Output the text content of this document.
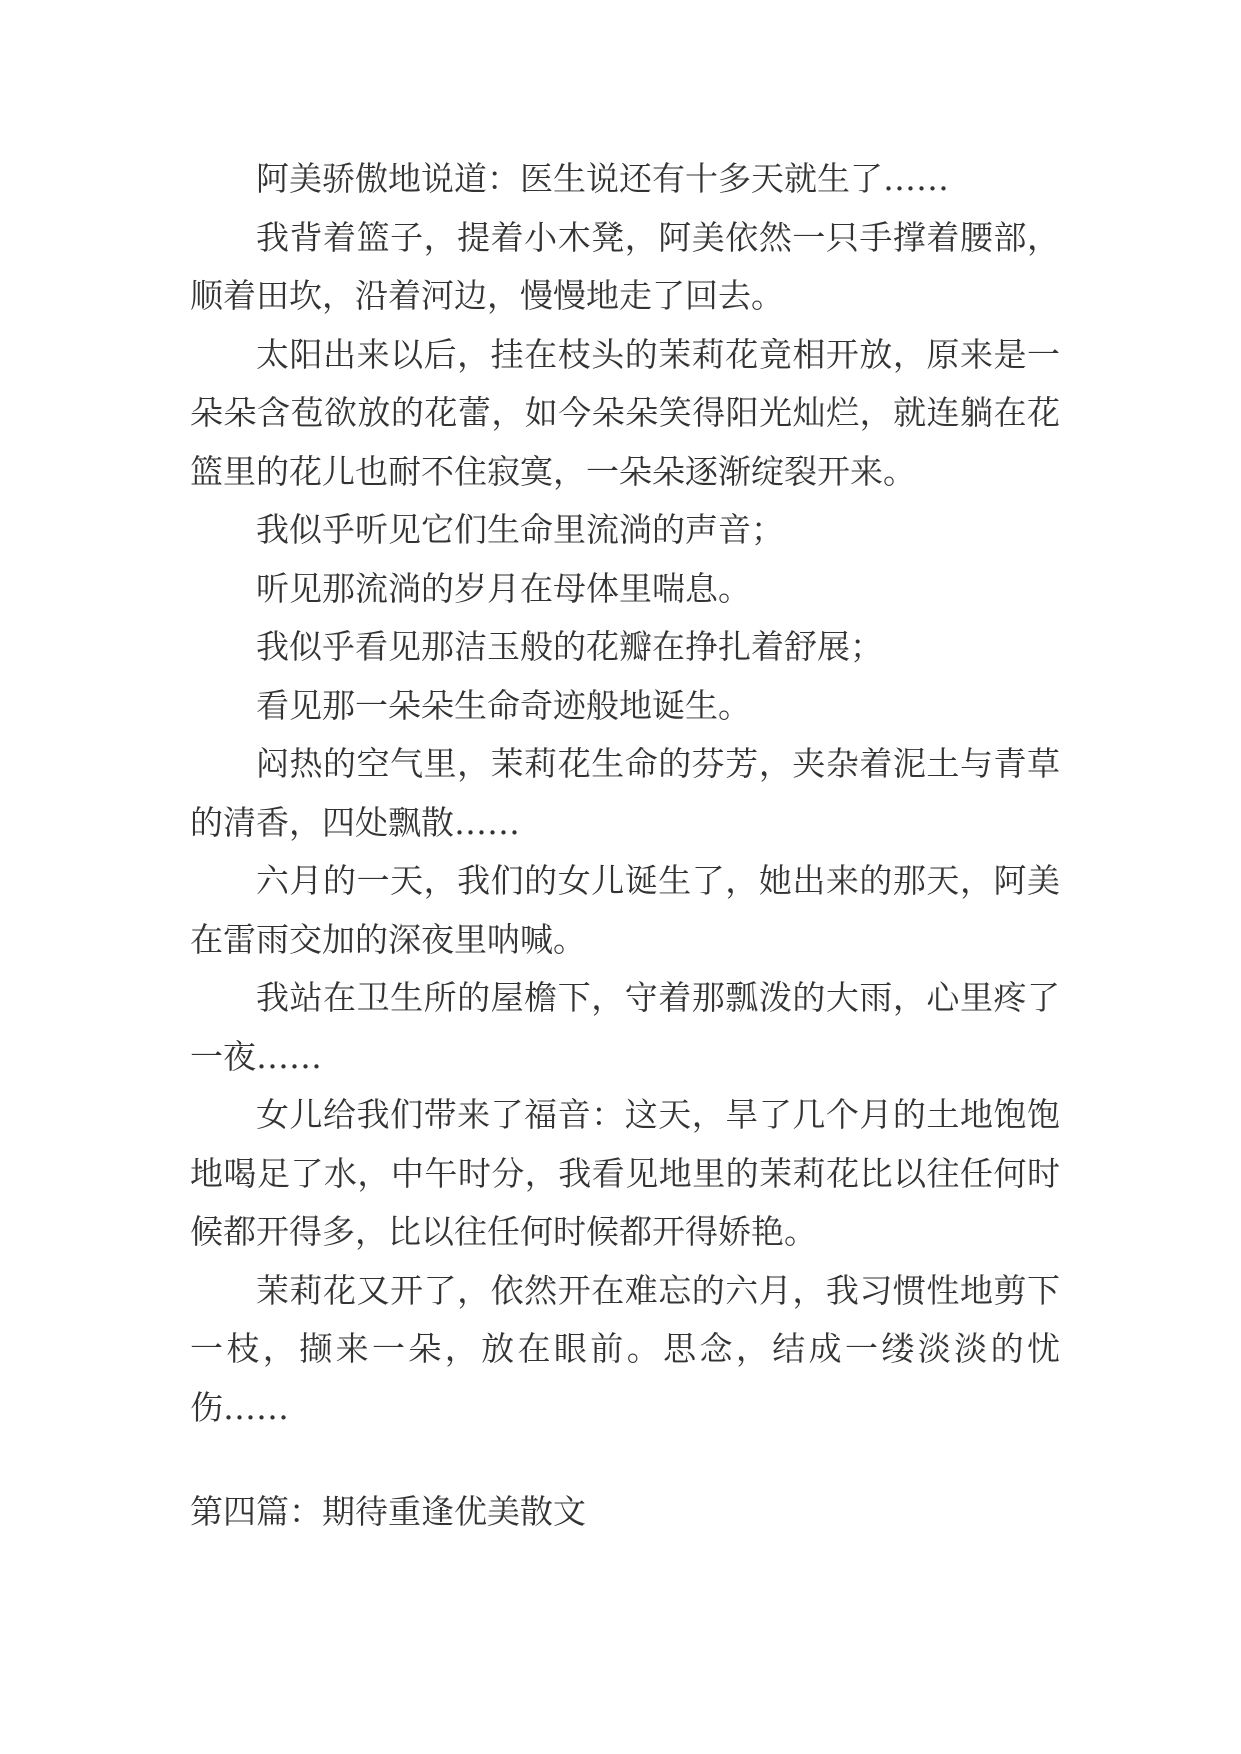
阿美骄傲地说道：医生说还有十多天就生了……

我背着篮子，提着小木凳，阿美依然一只手撑着腰部，顺着田坎，沿着河边，慢慢地走了回去。

太阳出来以后，挂在枝头的茉莉花竟相开放，原来是一朵朵含苞欲放的花蕾，如今朵朵笑得阳光灿烂，就连躺在花篮里的花儿也耐不住寂寞，一朵朵逐渐绽裂开来。

我似乎听见它们生命里流淌的声音；

听见那流淌的岁月在母体里喘息。

我似乎看见那洁玉般的花瓣在挣扎着舒展；

看见那一朵朵生命奇迹般地诞生。

闷热的空气里，茉莉花生命的芬芳，夹杂着泥土与青草的清香，四处飘散……

六月的一天，我们的女儿诞生了，她出来的那天，阿美在雷雨交加的深夜里呐喊。

我站在卫生所的屋檐下，守着那瓢泼的大雨，心里疼了一夜……

女儿给我们带来了福音：这天，旱了几个月的土地饱饱地喝足了水，中午时分，我看见地里的茉莉花比以往任何时候都开得多，比以往任何时候都开得娇艳。

茉莉花又开了，依然开在难忘的六月，我习惯性地剪下一枝，撷来一朵，放在眼前。思念，结成一缕淡淡的忧伤……

第四篇：期待重逢优美散文
